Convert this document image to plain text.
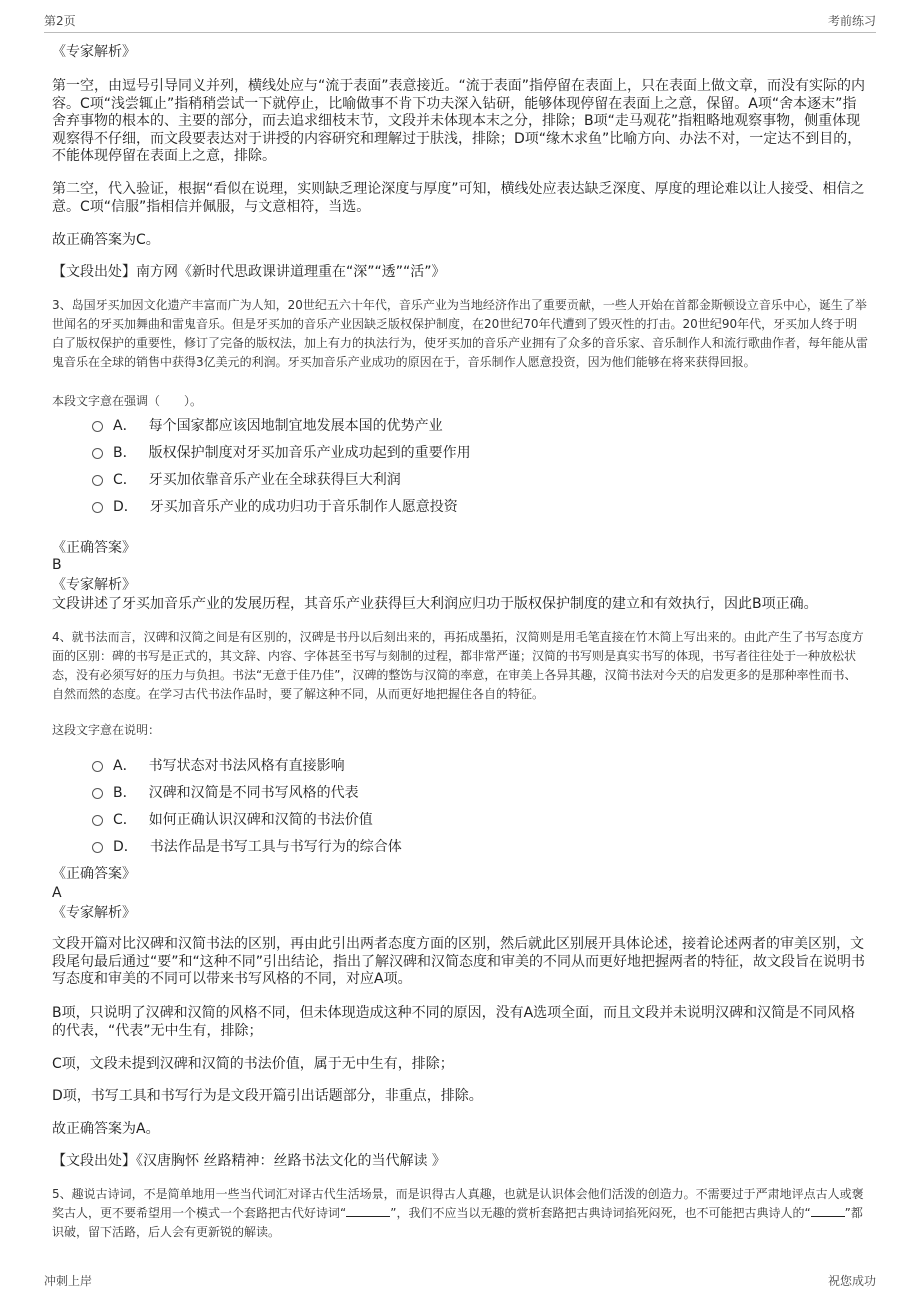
第2页	考前练习
《专家解析》
第一空，由逗号引导同义并列，横线处应与“流于表面”表意接近。“流于表面”指停留在表面上，只在表面上做文章，而没有实际的内容。C项“浅尝辄止”指稍稍尝试一下就停止，比喻做事不肯下功夫深入钻研，能够体现停留在表面上之意，保留。A项“舍本逐末”指舍弃事物的根本的、主要的部分，而去追求细枝末节，文段并未体现本末之分，排除；B项“走马观花”指粗略地观察事物，侧重体现观察得不仔细，而文段要表达对于讲授的内容研究和理解过于肤浅，排除；D项“缘木求鱼”比喻方向、办法不对，一定达不到目的，不能体现停留在表面上之意，排除。
第二空，代入验证，根据“看似在说理，实则缺乏理论深度与厚度”可知，横线处应表达缺乏深度、厚度的理论难以让人接受、相信之意。C项“信服”指相信并佩服，与文意相符，当选。
故正确答案为C。
【文段出处】南方网《新时代思政课讲道理重在“深”“透”“活”》
3、岛国牙买加因文化遗产丰富而广为人知，20世纪五六十年代，音乐产业为当地经济作出了重要贡献，一些人开始在首都金斯顿设立音乐中心，诞生了举世闻名的牙买加舞曲和雷鬼音乐。但是牙买加的音乐产业因缺乏版权保护制度，在20世纪70年代遭到了毁灭性的打击。20世纪90年代，牙买加人终于明白了版权保护的重要性，修订了完备的版权法，加上有力的执法行为，使牙买加的音乐产业拥有了众多的音乐家、音乐制作人和流行歌曲作者，每年能从雷鬼音乐在全球的销售中获得3亿美元的利润。牙买加音乐产业成功的原因在于，音乐制作人愿意投资，因为他们能够在将来获得回报。
本段文字意在强调（　　）。
A． 每个国家都应该因地制宜地发展本国的优势产业
B． 版权保护制度对牙买加音乐产业成功起到的重要作用
C． 牙买加依靠音乐产业在全球获得巨大利润
D． 牙买加音乐产业的成功归功于音乐制作人愿意投资
《正确答案》
B
《专家解析》
文段讲述了牙买加音乐产业的发展历程，其音乐产业获得巨大利润应归功于版权保护制度的建立和有效执行，因此B项正确。
4、就书法而言，汉碑和汉简之间是有区别的，汉碑是书丹以后刻出来的，再拓成墨拓，汉简则是用毛笔直接在竹木简上写出来的。由此产生了书写态度方面的区别：碑的书写是正式的，其文辞、内容、字体甚至书写与刻制的过程，都非常严谨；汉简的书写则是真实书写的体现，书写者往往处于一种放松状态，没有必须写好的压力与负担。书法“无意于佳乃佳”，汉碑的整饬与汉简的率意，在审美上各异其趣，汉简书法对今天的启发更多的是那种率性而书、自然而然的态度。在学习古代书法作品时，要了解这种不同，从而更好地把握住各自的特征。
这段文字意在说明：
A． 书写状态对书法风格有直接影响
B． 汉碑和汉简是不同书写风格的代表
C． 如何正确认识汉碑和汉简的书法价值
D． 书法作品是书写工具与书写行为的综合体
《正确答案》
A
《专家解析》
文段开篇对比汉碑和汉简书法的区别，再由此引出两者态度方面的区别，然后就此区别展开具体论述，接着论述两者的审美区别，文段尾句最后通过“要”和“这种不同”引出结论，指出了解汉碑和汉简态度和审美的不同从而更好地把握两者的特征，故文段旨在说明书写态度和审美的不同可以带来书写风格的不同，对应A项。
B项，只说明了汉碑和汉简的风格不同，但未体现造成这种不同的原因，没有A选项全面，而且文段并未说明汉碑和汉简是不同风格的代表，“代表”无中生有，排除；
C项，文段未提到汉碑和汉简的书法价值，属于无中生有，排除；
D项，书写工具和书写行为是文段开篇引出话题部分，非重点，排除。
故正确答案为A。
【文段出处】《汉唐胸怀 丝路精神：丝路书法文化的当代解读 》
5、趣说古诗词，不是简单地用一些当代词汇对译古代生活场景，而是识得古人真趣，也就是认识体会他们活泼的创造力。不需要过于严肃地评点古人或褒奖古人，更不要希望用一个模式一个套路把古代好诗词“	”，我们不应当以无趣的赏析套路把古典诗词掐死闷死，也不可能把古典诗人的“	”都识破，留下活路，后人会有更新锐的解读。
冲刺上岸	祝您成功
